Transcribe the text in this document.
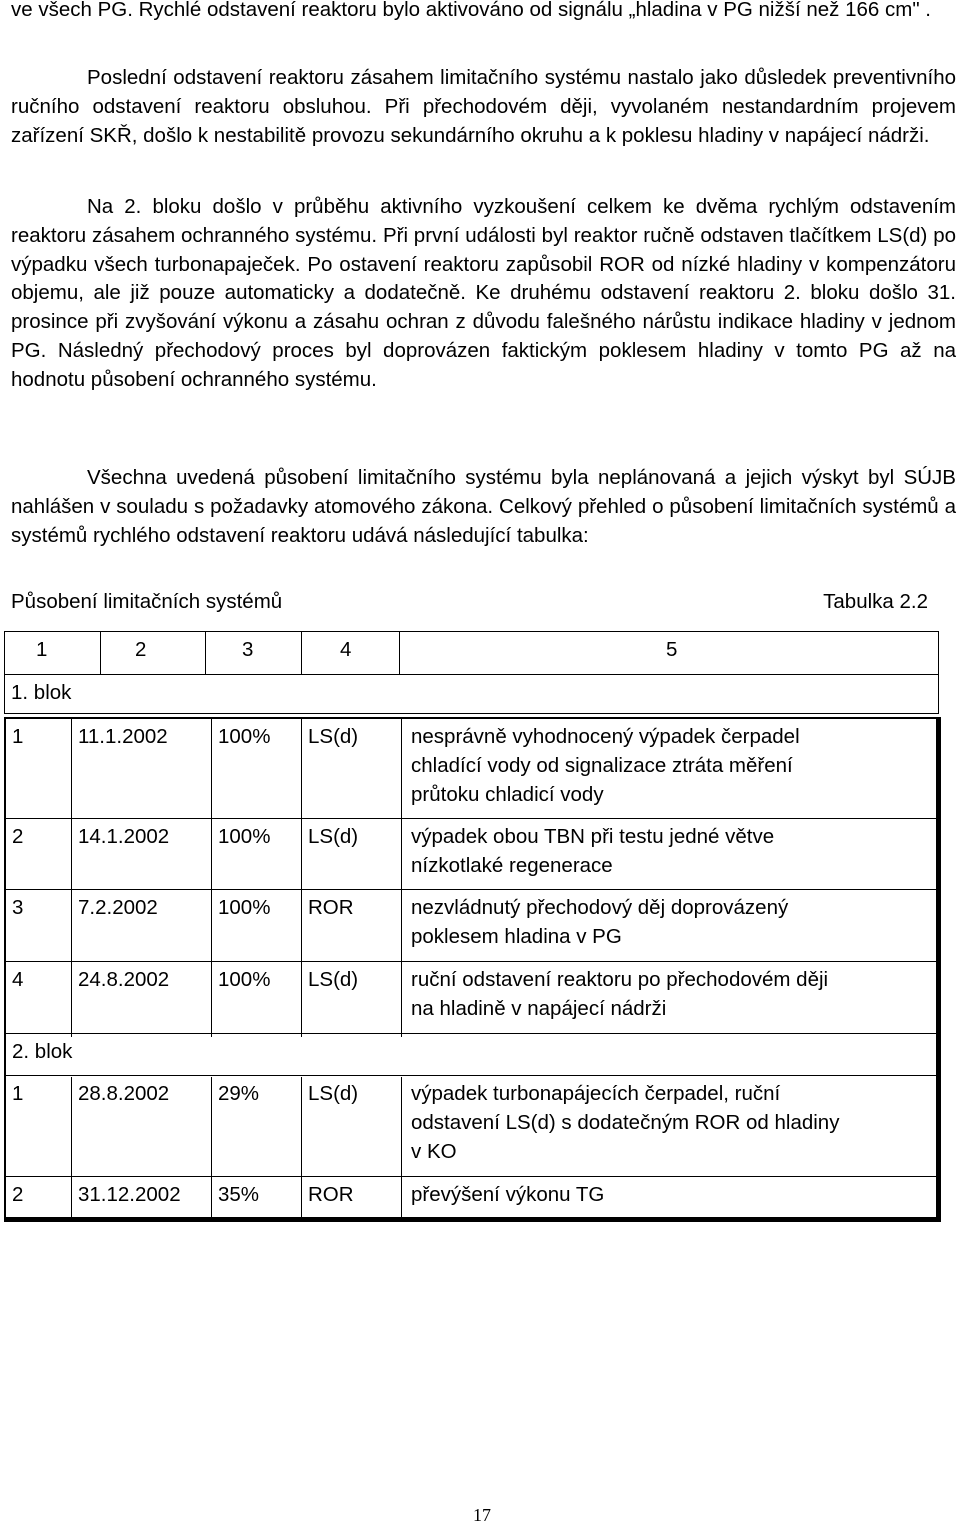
ve všech PG. Rychlé odstavení reaktoru bylo aktivováno od signálu „hladina v PG nižší než 166 cm" .

Poslední odstavení reaktoru zásahem limitačního systému nastalo jako důsledek preventivního ručního odstavení reaktoru obsluhou. Při přechodovém ději, vyvolaném nestandardním projevem zařízení SKŘ, došlo k nestabilitě provozu sekundárního okruhu a k poklesu hladiny v napájecí nádrži.

Na 2. bloku došlo v průběhu aktivního vyzkoušení celkem ke dvěma rychlým odstavením reaktoru zásahem ochranného systému. Při první události byl reaktor ručně odstaven tlačítkem LS(d) po výpadku všech turbonapaječek. Po ostavení reaktoru zapůsobil ROR od nízké hladiny v kompenzátoru objemu, ale již pouze automaticky a dodatečně. Ke druhému odstavení reaktoru 2. bloku došlo 31. prosince při zvyšování výkonu a zásahu ochran z důvodu falešného nárůstu indikace hladiny v jednom PG. Následný přechodový proces byl doprovázen faktickým poklesem hladiny v tomto PG až na hodnotu působení ochranného systému.

Všechna uvedená působení limitačního systému byla neplánovaná a jejich výskyt byl SÚJB nahlášen v souladu s požadavky atomového zákona. Celkový přehled o působení limitačních systémů a systémů rychlého odstavení reaktoru udává následující tabulka:

Působení limitačních systémů	Tabulka 2.2
1	2	3	4	5
1. blok
1	11.1.2002 100% LS(d)	nesprávně vyhodnocený výpadek čerpadel
chladící vody od signalizace ztráta měření
průtoku chladicí vody
2	14.1.2002 100% LS(d)	výpadek obou TBN při testu jedné větve
nízkotlaké regenerace
3	7.2.2002	100% ROR	nezvládnutý přechodový děj doprovázený
poklesem hladina v PG
4	24.8.2002 100% LS(d)	ruční odstavení reaktoru po přechodovém ději
na hladině v napájecí nádrži
2. blok
1	28.8.2002 29% LS(d)	výpadek turbonapájecích čerpadel, ruční
odstavení LS(d) s dodatečným ROR od hladiny
v KO
2	31.12.2002 35% ROR	převýšení výkonu TG
17
